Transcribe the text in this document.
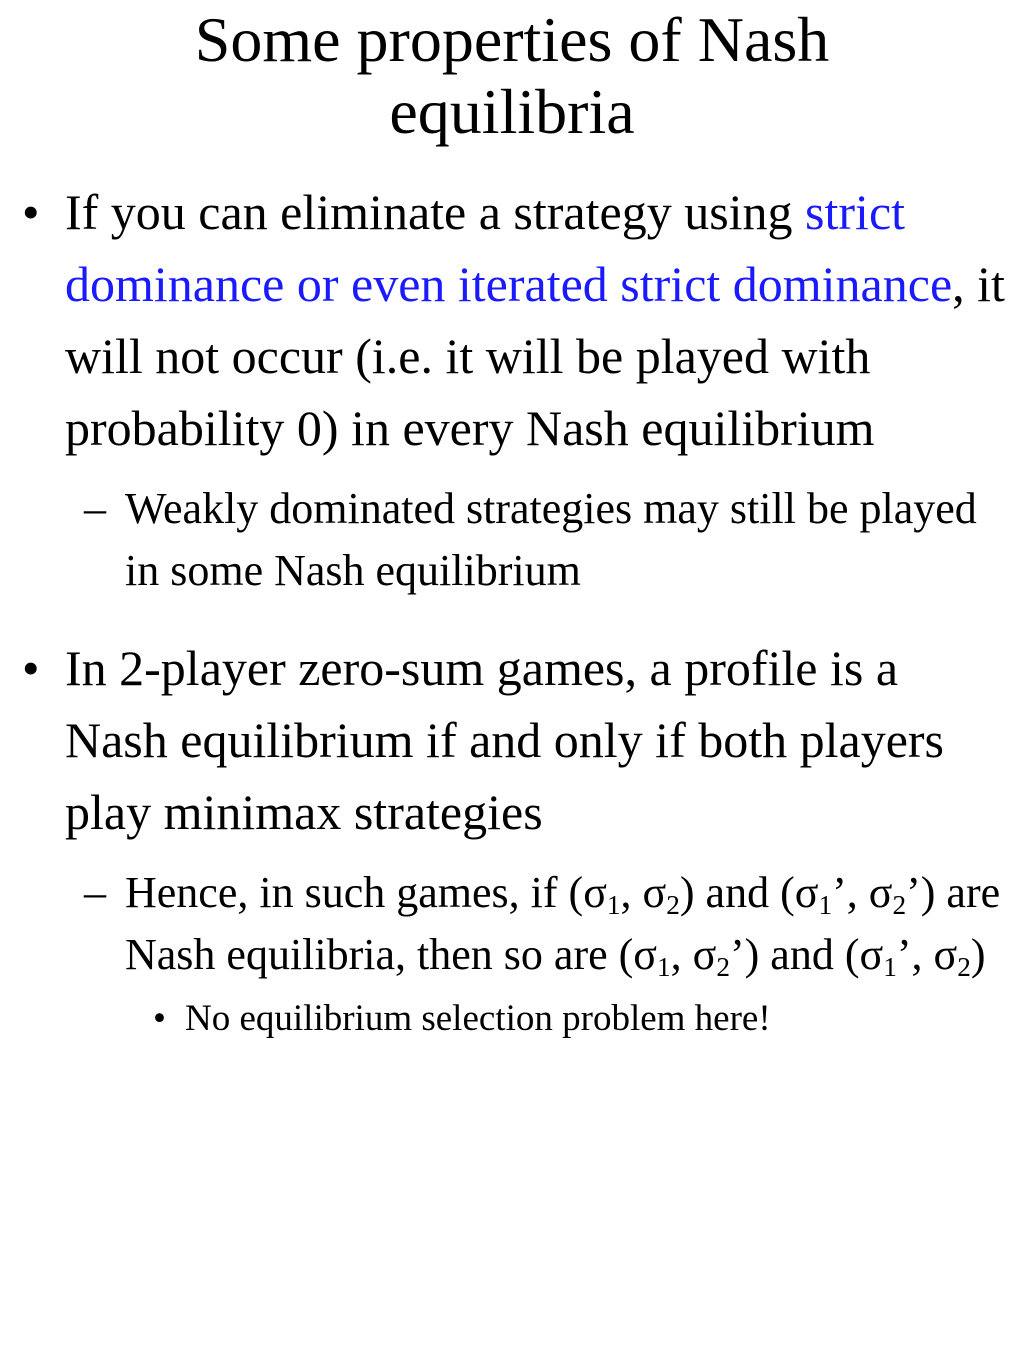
Some properties of Nash
equilibria
• If you can eliminate a strategy using strict dominance or even iterated strict dominance, it will not occur (i.e. it will be played with probability 0) in every Nash equilibrium
– Weakly dominated strategies may still be played in some Nash equilibrium
• In 2-player zero-sum games, a profile is a Nash equilibrium if and only if both players play minimax strategies
– Hence, in such games, if ($\sigma_1$, $\sigma_2$) and ($\sigma_1$’, $\sigma_2$’) are Nash equilibria, then so are ($\sigma_1$, $\sigma_2$’) and ($\sigma_1$’, $\sigma_2$)
• No equilibrium selection problem here!
